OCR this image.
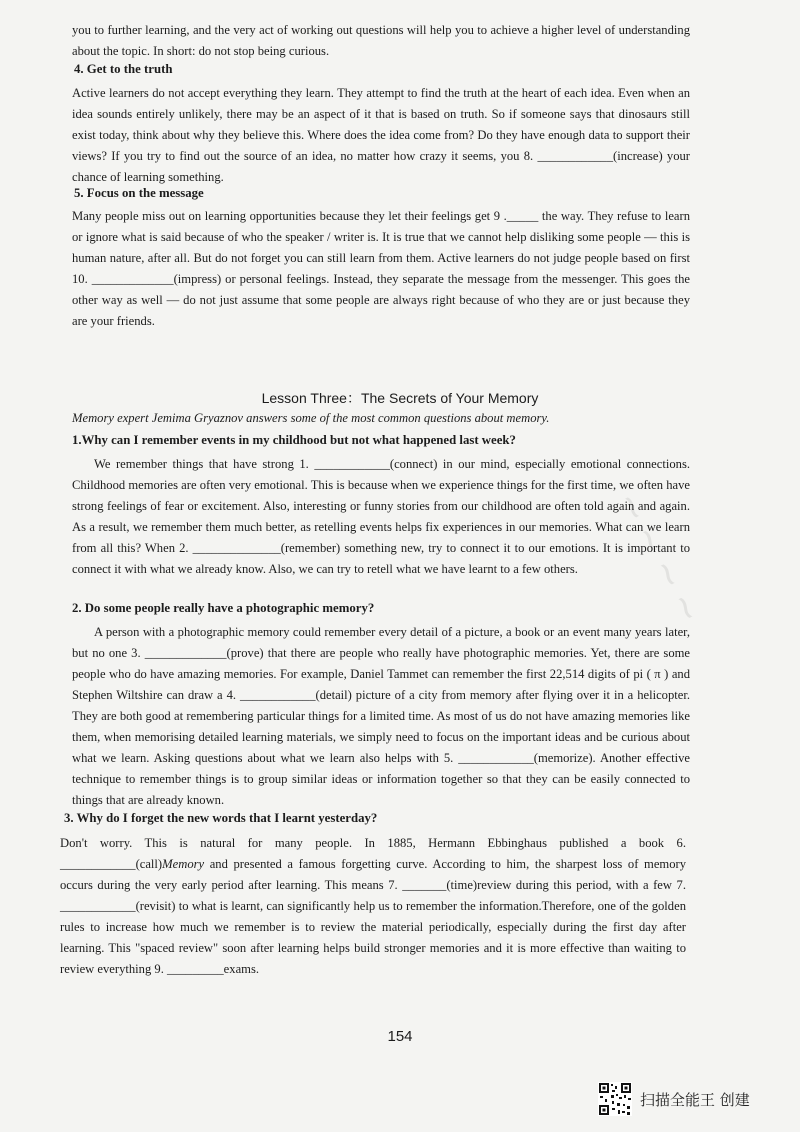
~ ~ ~ ~

you to further learning, and the very act of working out questions will help you to achieve a higher level of understanding about the topic. In short: do not stop being curious.

4. Get to the truth

Active learners do not accept everything they learn. They attempt to find the truth at the heart of each idea. Even when an idea sounds entirely unlikely, there may be an aspect of it that is based on truth. So if someone says that dinosaurs still exist today, think about why they believe this. Where does the idea come from? Do they have enough data to support their views? If you try to find out the source of an idea, no matter how crazy it seems, you 8. ____________(increase) your chance of learning something.

5. Focus on the message

Many people miss out on learning opportunities because they let their feelings get 9 ._____ the way. They refuse to learn or ignore what is said because of who the speaker / writer is. It is true that we cannot help disliking some people — this is human nature, after all. But do not forget you can still learn from them. Active learners do not judge people based on first 10. _____________(impress) or personal feelings. Instead, they separate the message from the messenger. This goes the other way as well — do not just assume that some people are always right because of who they are or just because they are your friends.

Lesson Three：The Secrets of Your Memory

Memory expert Jemima Gryaznov answers some of the most common questions about memory.

1.Why can I remember events in my childhood but not what happened last week?

We remember things that have strong 1. ____________(connect) in our mind, especially emotional connections. Childhood memories are often very emotional. This is because when we experience things for the first time, we often have strong feelings of fear or excitement. Also, interesting or funny stories from our childhood are often told again and again. As a result, we remember them much better, as retelling events helps fix experiences in our memories. What can we learn from all this? When 2. ______________(remember) something new, try to connect it to our emotions. It is important to connect it with what we already know. Also, we can try to retell what we have learnt to a few others.

2. Do some people really have a photographic memory?

A person with a photographic memory could remember every detail of a picture, a book or an event many years later, but no one 3. _____________(prove) that there are people who really have photographic memories. Yet, there are some people who do have amazing memories. For example, Daniel Tammet can remember the first 22,514 digits of pi ( π ) and Stephen Wiltshire can draw a 4. ____________(detail) picture of a city from memory after flying over it in a helicopter. They are both good at remembering particular things for a limited time. As most of us do not have amazing memories like them, when memorising detailed learning materials, we simply need to focus on the important ideas and be curious about what we learn. Asking questions about what we learn also helps with 5. ____________(memorize). Another effective technique to remember things is to group similar ideas or information together so that they can be easily connected to things that are already known.

3. Why do I forget the new words that I learnt yesterday?

Don't worry. This is natural for many people. In 1885, Hermann Ebbinghaus published a book 6. ____________(call)Memory and presented a famous forgetting curve. According to him, the sharpest loss of memory occurs during the very early period after learning. This means 7. _______(time)review during this period, with a few 7. ____________(revisit) to what is learnt, can significantly help us to remember the information.Therefore, one of the golden rules to increase how much we remember is to review the material periodically, especially during the first day after learning. This "spaced review" soon after learning helps build stronger memories and it is more effective than waiting to review everything 9. _________exams.

154
扫描全能王 创建
